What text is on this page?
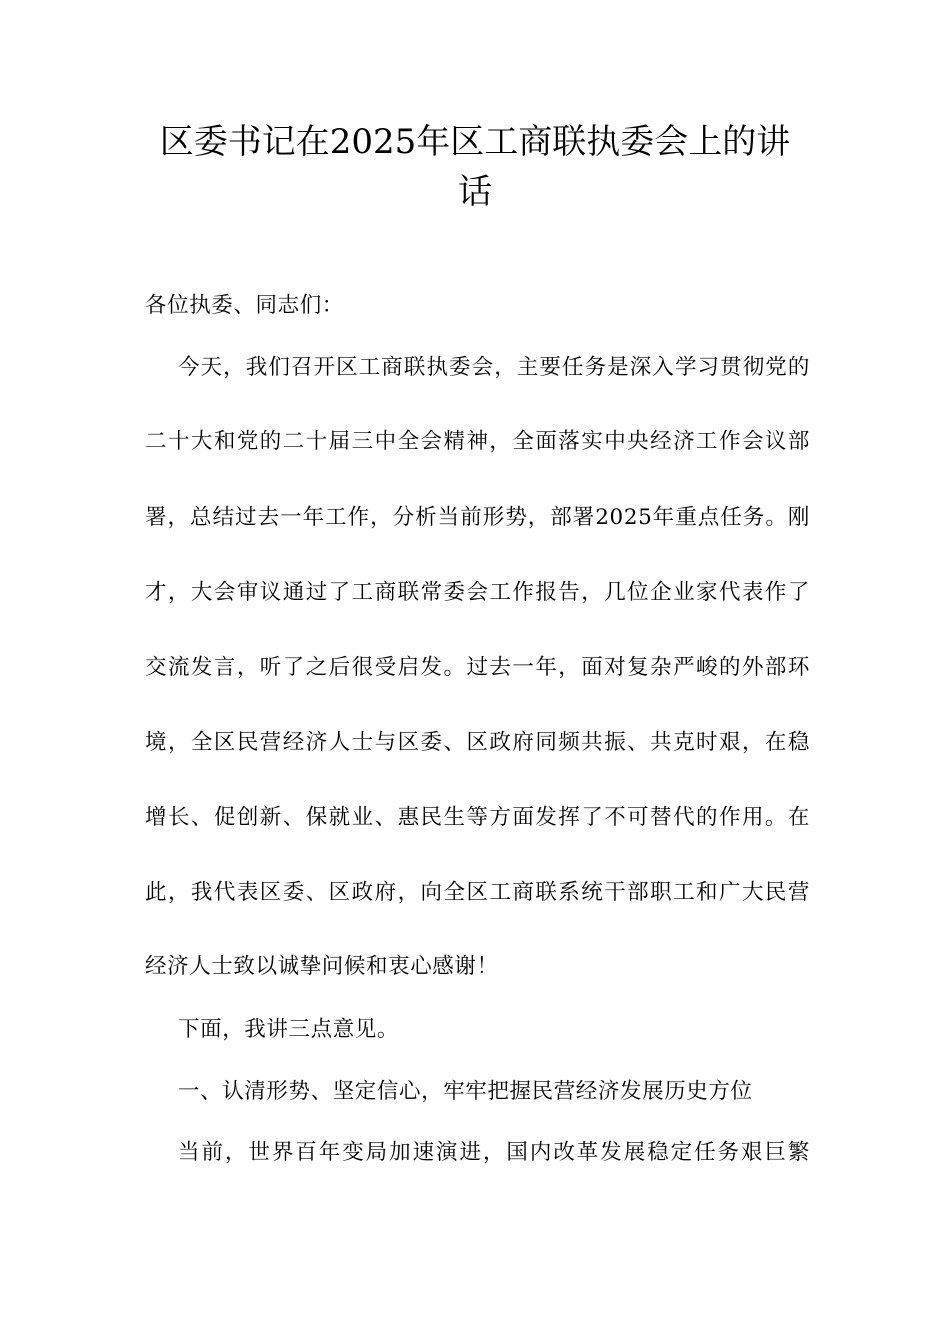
区委书记在2025年区工商联执委会上的讲
话
各位执委、同志们：
今天，我们召开区工商联执委会，主要任务是深入学习贯彻党的
二十大和党的二十届三中全会精神，全面落实中央经济工作会议部
署，总结过去一年工作，分析当前形势，部署2025年重点任务。刚
才，大会审议通过了工商联常委会工作报告，几位企业家代表作了
交流发言，听了之后很受启发。过去一年，面对复杂严峻的外部环
境，全区民营经济人士与区委、区政府同频共振、共克时艰，在稳
增长、促创新、保就业、惠民生等方面发挥了不可替代的作用。在
此，我代表区委、区政府，向全区工商联系统干部职工和广大民营
经济人士致以诚挚问候和衷心感谢！
下面，我讲三点意见。
一、认清形势、坚定信心，牢牢把握民营经济发展历史方位
当前，世界百年变局加速演进，国内改革发展稳定任务艰巨繁
